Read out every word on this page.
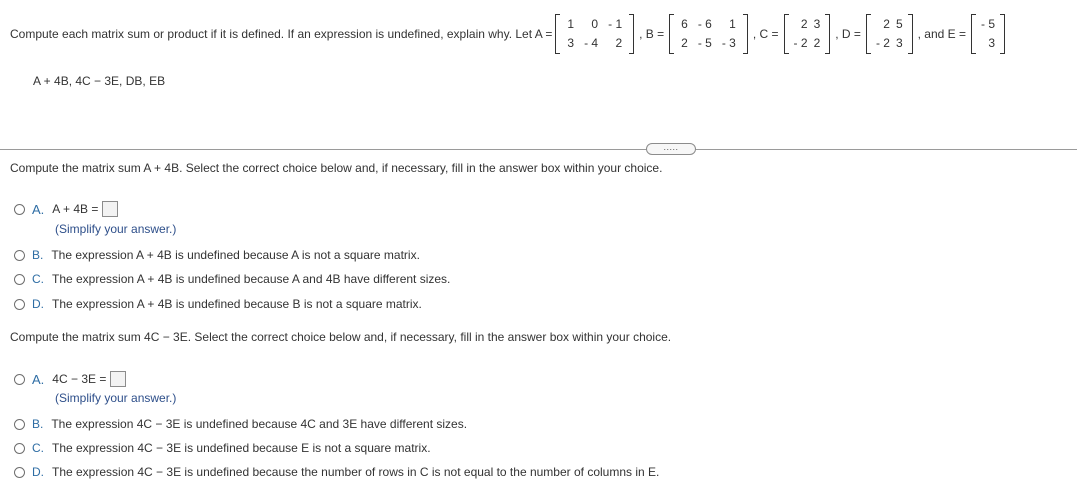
Compute each matrix sum or product if it is defined. If an expression is undefined, explain why. Let A =
1	0	- 1
3	- 4	2
, B =
6	- 6	1
2	- 5	- 3
, C =
2	3
- 2	2
, D =
2	5
- 2	3
, and E =
- 5
3
A + 4B, 4C − 3E, DB, EB
.....
Compute the matrix sum A + 4B. Select the correct choice below and, if necessary, fill in the answer box within your choice.
A. A + 4B =
(Simplify your answer.)
B. The expression A + 4B is undefined because A is not a square matrix.
C. The expression A + 4B is undefined because A and 4B have different sizes.
D. The expression A + 4B is undefined because B is not a square matrix.
Compute the matrix sum 4C − 3E. Select the correct choice below and, if necessary, fill in the answer box within your choice.
A. 4C − 3E =
(Simplify your answer.)
B. The expression 4C − 3E is undefined because 4C and 3E have different sizes.
C. The expression 4C − 3E is undefined because E is not a square matrix.
D. The expression 4C − 3E is undefined because the number of rows in C is not equal to the number of columns in E.
